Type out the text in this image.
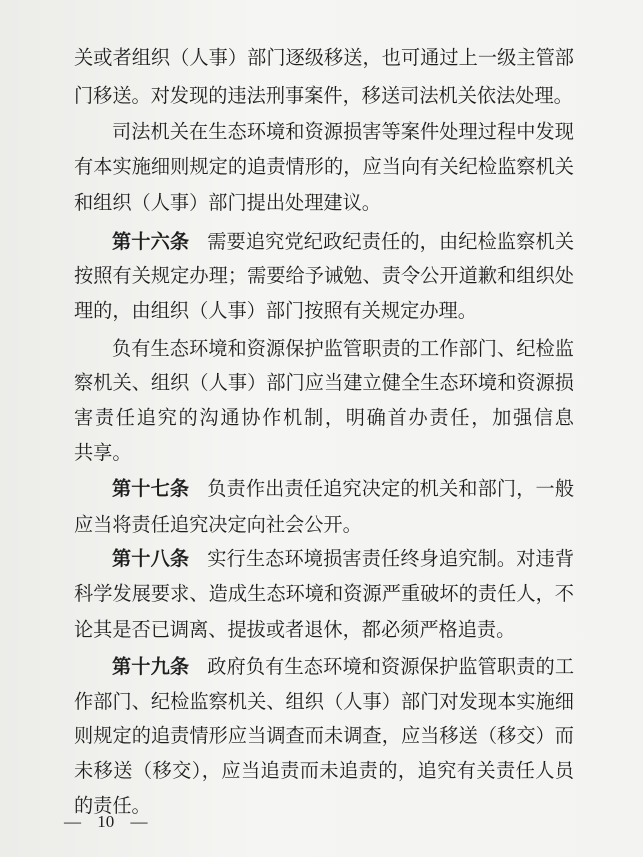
关或者组织（人事）部门逐级移送，也可通过上一级主管部
门移送。对发现的违法刑事案件，移送司法机关依法处理。
司法机关在生态环境和资源损害等案件处理过程中发现
有本实施细则规定的追责情形的，应当向有关纪检监察机关
和组织（人事）部门提出处理建议。
第十六条 需要追究党纪政纪责任的，由纪检监察机关
按照有关规定办理；需要给予诫勉、责令公开道歉和组织处
理的，由组织（人事）部门按照有关规定办理。
负有生态环境和资源保护监管职责的工作部门、纪检监
察机关、组织（人事）部门应当建立健全生态环境和资源损
害责任追究的沟通协作机制，明确首办责任，加强信息
共享。
第十七条 负责作出责任追究决定的机关和部门，一般
应当将责任追究决定向社会公开。
第十八条 实行生态环境损害责任终身追究制。对违背
科学发展要求、造成生态环境和资源严重破坏的责任人，不
论其是否已调离、提拔或者退休，都必须严格追责。
第十九条 政府负有生态环境和资源保护监管职责的工
作部门、纪检监察机关、组织（人事）部门对发现本实施细
则规定的追责情形应当调查而未调查，应当移送（移交）而
未移送（移交），应当追责而未追责的，追究有关责任人员
的责任。
— 10 —
